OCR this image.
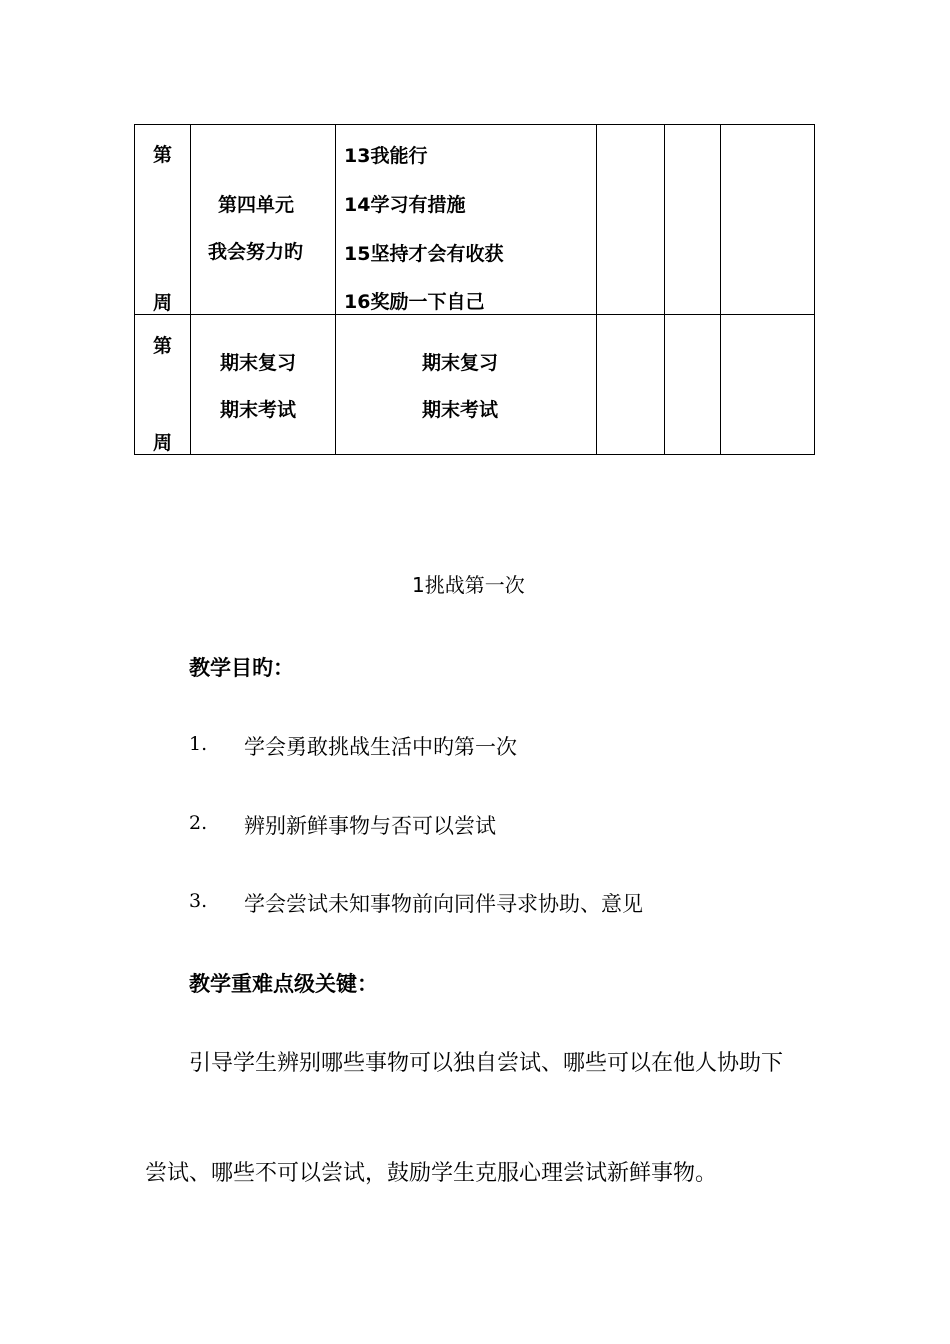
第
周
第四单元
我会努力旳
13我能行
14学习有措施
15坚持才会有收获
16奖励一下自己
第
周
期末复习
期末考试
期末复习
期末考试
1挑战第一次
教学目旳：
1. 学会勇敢挑战生活中旳第一次
2. 辨别新鲜事物与否可以尝试
3. 学会尝试未知事物前向同伴寻求协助、意见
教学重难点级关键：
引导学生辨别哪些事物可以独自尝试、哪些可以在他人协助下
尝试、哪些不可以尝试，鼓励学生克服心理尝试新鲜事物。
